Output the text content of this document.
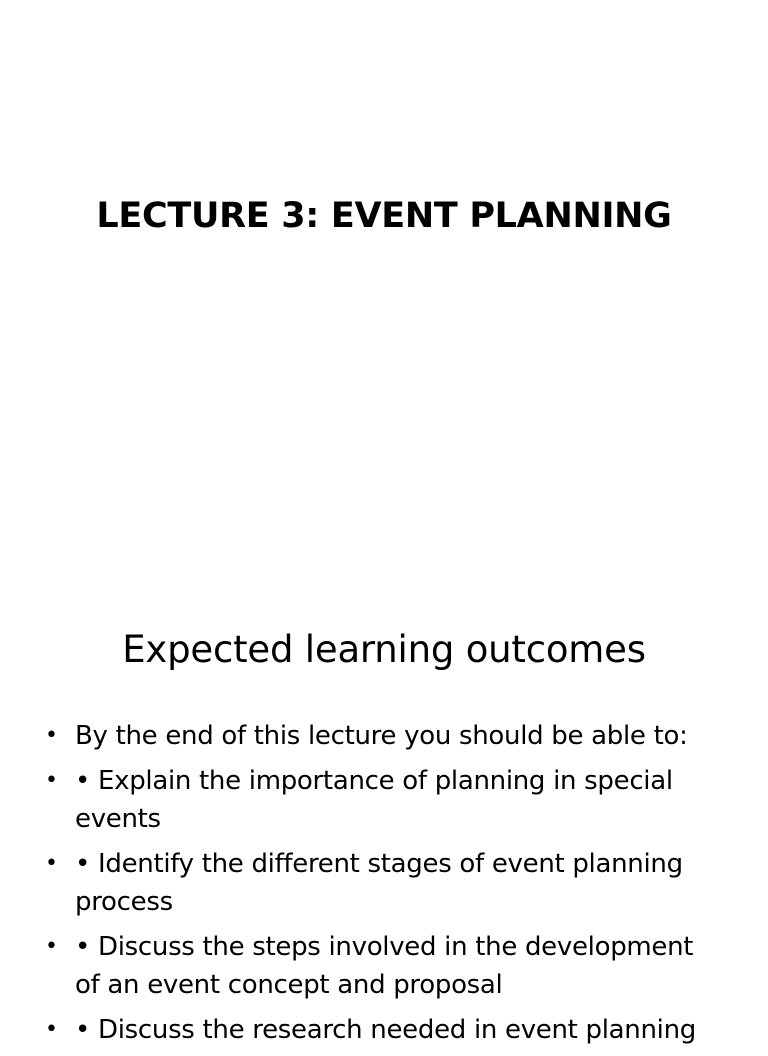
LECTURE 3: EVENT PLANNING
Expected learning outcomes
• By the end of this lecture you should be able to:
• • Explain the importance of planning in special events
• • Identify the different stages of event planning process
• • Discuss the steps involved in the development of an event concept and proposal
• • Discuss the research needed in event planning
